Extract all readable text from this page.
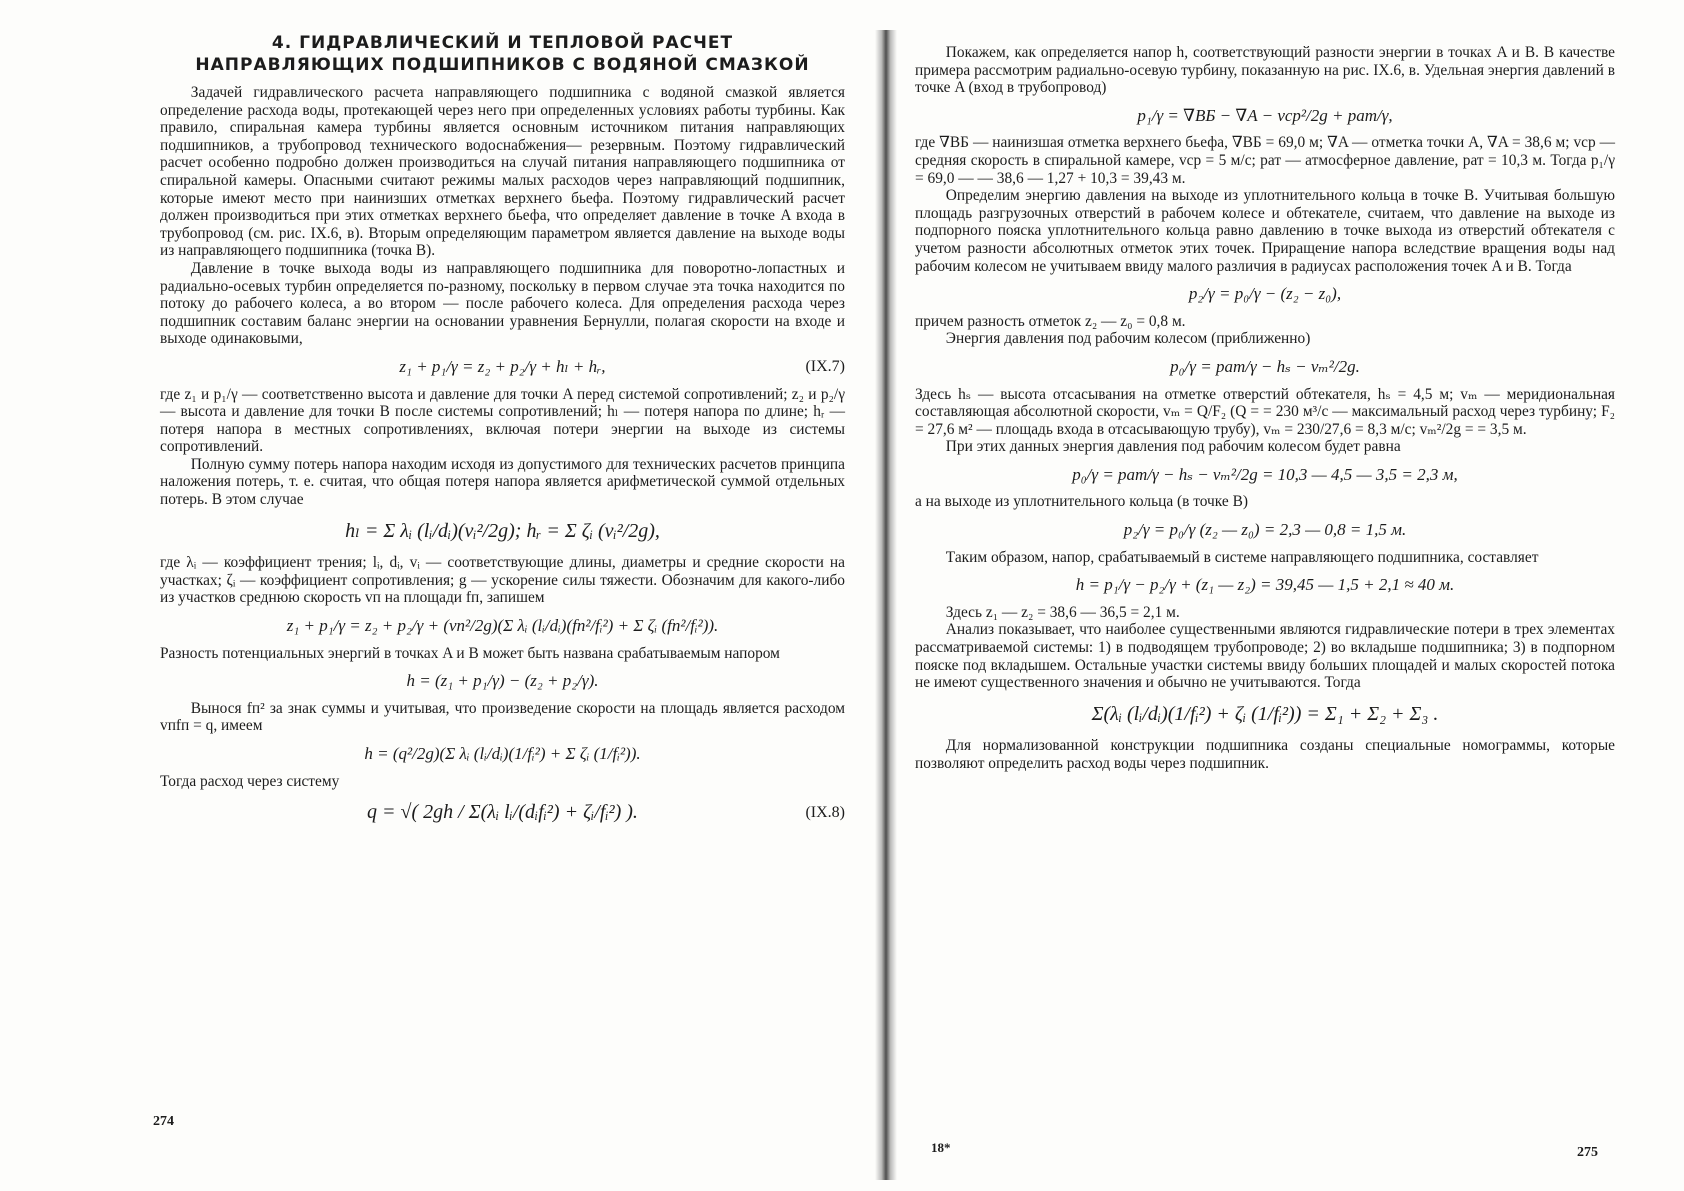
4. ГИДРАВЛИЧЕСКИЙ И ТЕПЛОВОЙ РАСЧЕТ
НАПРАВЛЯЮЩИХ ПОДШИПНИКОВ С ВОДЯНОЙ СМАЗКОЙ

Задачей гидравлического расчета направляющего подшипника с водяной смазкой является определение расхода воды, протекающей через него при определенных условиях работы турбины. Как правило, спиральная камера турбины является основным источником питания направляющих подшипников, а трубопровод технического водоснабжения— резервным. Поэтому гидравлический расчет особенно подробно должен производиться на случай питания направляющего подшипника от спиральной камеры. Опасными считают режимы малых расходов через направляющий подшипник, которые имеют место при наинизших отметках верхнего бьефа. Поэтому гидравлический расчет должен производиться при этих отметках верхнего бьефа, что определяет давление в точке A входа в трубопровод (см. рис. IX.6, в). Вторым определяющим параметром является давление на выходе воды из направляющего подшипника (точка B).

Давление в точке выхода воды из направляющего подшипника для поворотно-лопастных и радиально-осевых турбин определяется по-разному, поскольку в первом случае эта точка находится по потоку до рабочего колеса, а во втором — после рабочего колеса. Для определения расхода через подшипник составим баланс энергии на основании уравнения Бернулли, полагая скорости на входе и выходе одинаковыми,

z₁ + p₁/γ = z₂ + p₂/γ + hₗ + hᵣ,	(IX.7)

где z₁ и p₁/γ — соответственно высота и давление для точки A перед системой сопротивлений; z₂ и p₂/γ — высота и давление для точки B после системы сопротивлений; hₗ — потеря напора по длине; hᵣ — потеря напора в местных сопротивлениях, включая потери энергии на выходе из системы сопротивлений.

Полную сумму потерь напора находим исходя из допустимого для технических расчетов принципа наложения потерь, т. е. считая, что общая потеря напора является арифметической суммой отдельных потерь. В этом случае

hₗ = Σ λᵢ (lᵢ/dᵢ)(vᵢ²/2g); hᵣ = Σ ζᵢ (vᵢ²/2g),

где λᵢ — коэффициент трения; lᵢ, dᵢ, vᵢ — соответствующие длины, диаметры и средние скорости на участках; ζᵢ — коэффициент сопротивления; g — ускорение силы тяжести. Обозначим для какого-либо из участков среднюю скорость vп на площади fп, запишем

z₁ + p₁/γ = z₂ + p₂/γ + (vп²/2g)(Σ λᵢ (lᵢ/dᵢ)(fп²/fᵢ²) + Σ ζᵢ (fп²/fᵢ²)).

Разность потенциальных энергий в точках A и B может быть названа срабатываемым напором

h = (z₁ + p₁/γ) − (z₂ + p₂/γ).

Вынося fп² за знак суммы и учитывая, что произведение скорости на площадь является расходом vпfп = q, имеем

h = (q²/2g)(Σ λᵢ (lᵢ/dᵢ)(1/fᵢ²) + Σ ζᵢ (1/fᵢ²)).

Тогда расход через систему

q = √( 2gh / Σ(λᵢ lᵢ/(dᵢfᵢ²) + ζᵢ/fᵢ²) ).	(IX.8)
274

Покажем, как определяется напор h, соответствующий разности энергии в точках A и B. В качестве примера рассмотрим радиально-осевую турбину, показанную на рис. IX.6, в. Удельная энергия давлений в точке A (вход в трубопровод)

p₁/γ = ∇ВБ − ∇A − vср²/2g + pат/γ,

где ∇ВБ — наинизшая отметка верхнего бьефа, ∇ВБ = 69,0 м; ∇A — отметка точки A, ∇A = 38,6 м; vср — средняя скорость в спиральной камере, vср = 5 м/с; pат — атмосферное давление, pат = 10,3 м. Тогда p₁/γ = 69,0 — — 38,6 — 1,27 + 10,3 = 39,43 м.

Определим энергию давления на выходе из уплотнительного кольца в точке B. Учитывая большую площадь разгрузочных отверстий в рабочем колесе и обтекателе, считаем, что давление на выходе из подпорного пояска уплотнительного кольца равно давлению в точке выхода из отверстий обтекателя с учетом разности абсолютных отметок этих точек. Приращение напора вследствие вращения воды над рабочим колесом не учитываем ввиду малого различия в радиусах расположения точек A и B. Тогда

p₂/γ = p₀/γ − (z₂ − z₀),

причем разность отметок z₂ — z₀ = 0,8 м.

Энергия давления под рабочим колесом (приближенно)

p₀/γ = pат/γ − hₛ − vₘ²/2g.

Здесь hₛ — высота отсасывания на отметке отверстий обтекателя, hₛ = 4,5 м; vₘ — меридиональная составляющая абсолютной скорости, vₘ = Q/F₂ (Q = = 230 м³/с — максимальный расход через турбину; F₂ = 27,6 м² — площадь входа в отсасывающую трубу), vₘ = 230/27,6 = 8,3 м/с; vₘ²/2g = = 3,5 м.

При этих данных энергия давления под рабочим колесом будет равна

p₀/γ = pат/γ − hₛ − vₘ²/2g = 10,3 — 4,5 — 3,5 = 2,3 м,

а на выходе из уплотнительного кольца (в точке B)

p₂/γ = p₀/γ (z₂ — z₀) = 2,3 — 0,8 = 1,5 м.

Таким образом, напор, срабатываемый в системе направляющего подшипника, составляет

h = p₁/γ − p₂/γ + (z₁ — z₂) = 39,45 — 1,5 + 2,1 ≈ 40 м.

Здесь z₁ — z₂ = 38,6 — 36,5 = 2,1 м.

Анализ показывает, что наиболее существенными являются гидравлические потери в трех элементах рассматриваемой системы: 1) в подводящем трубопроводе; 2) во вкладыше подшипника; 3) в подпорном пояске под вкладышем. Остальные участки системы ввиду больших площадей и малых скоростей потока не имеют существенного значения и обычно не учитываются. Тогда

Σ(λᵢ (lᵢ/dᵢ)(1/fᵢ²) + ζᵢ (1/fᵢ²)) = Σ₁ + Σ₂ + Σ₃ .

Для нормализованной конструкции подшипника созданы специальные номограммы, которые позволяют определить расход воды через подшипник.

18*	275
